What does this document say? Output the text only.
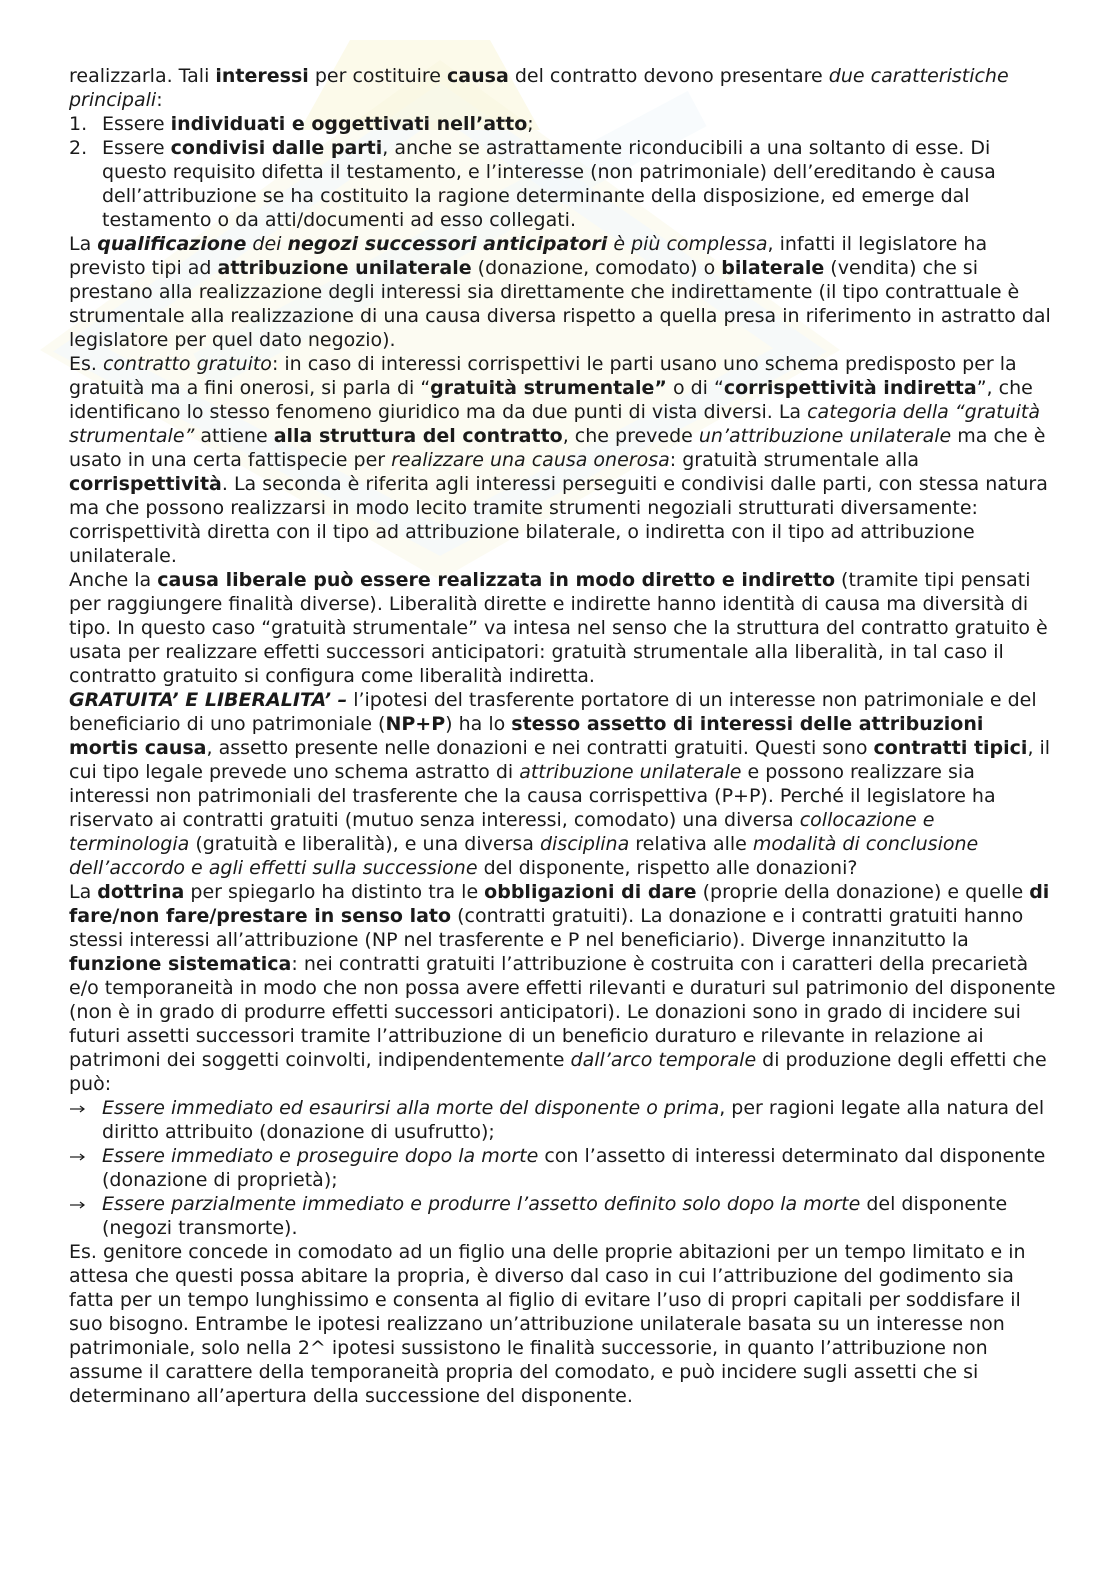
realizzarla. Tali interessi per costituire causa del contratto devono presentare due caratteristiche principali:

1. Essere individuati e oggettivati nell’atto;
2. Essere condivisi dalle parti, anche se astrattamente riconducibili a una soltanto di esse. Di questo requisito difetta il testamento, e l’interesse (non patrimoniale) dell’ereditando è causa dell’attribuzione se ha costituito la ragione determinante della disposizione, ed emerge dal testamento o da atti/documenti ad esso collegati.

La qualificazione dei negozi successori anticipatori è più complessa, infatti il legislatore ha previsto tipi ad attribuzione unilaterale (donazione, comodato) o bilaterale (vendita) che si prestano alla realizzazione degli interessi sia direttamente che indirettamente (il tipo contrattuale è strumentale alla realizzazione di una causa diversa rispetto a quella presa in riferimento in astratto dal legislatore per quel dato negozio).

Es. contratto gratuito: in caso di interessi corrispettivi le parti usano uno schema predisposto per la gratuità ma a fini onerosi, si parla di “gratuità strumentale” o di “corrispettività indiretta”, che identificano lo stesso fenomeno giuridico ma da due punti di vista diversi. La categoria della “gratuità strumentale” attiene alla struttura del contratto, che prevede un’attribuzione unilaterale ma che è usato in una certa fattispecie per realizzare una causa onerosa: gratuità strumentale alla corrispettività. La seconda è riferita agli interessi perseguiti e condivisi dalle parti, con stessa natura ma che possono realizzarsi in modo lecito tramite strumenti negoziali strutturati diversamente: corrispettività diretta con il tipo ad attribuzione bilaterale, o indiretta con il tipo ad attribuzione unilaterale.

Anche la causa liberale può essere realizzata in modo diretto e indiretto (tramite tipi pensati per raggiungere finalità diverse). Liberalità dirette e indirette hanno identità di causa ma diversità di tipo. In questo caso “gratuità strumentale” va intesa nel senso che la struttura del contratto gratuito è usata per realizzare effetti successori anticipatori: gratuità strumentale alla liberalità, in tal caso il contratto gratuito si configura come liberalità indiretta.

GRATUITA’ E LIBERALITA’ – l’ipotesi del trasferente portatore di un interesse non patrimoniale e del beneficiario di uno patrimoniale (NP+P) ha lo stesso assetto di interessi delle attribuzioni mortis causa, assetto presente nelle donazioni e nei contratti gratuiti. Questi sono contratti tipici, il cui tipo legale prevede uno schema astratto di attribuzione unilaterale e possono realizzare sia interessi non patrimoniali del trasferente che la causa corrispettiva (P+P). Perché il legislatore ha riservato ai contratti gratuiti (mutuo senza interessi, comodato) una diversa collocazione e terminologia (gratuità e liberalità), e una diversa disciplina relativa alle modalità di conclusione dell’accordo e agli effetti sulla successione del disponente, rispetto alle donazioni?

La dottrina per spiegarlo ha distinto tra le obbligazioni di dare (proprie della donazione) e quelle di fare/non fare/prestare in senso lato (contratti gratuiti). La donazione e i contratti gratuiti hanno stessi interessi all’attribuzione (NP nel trasferente e P nel beneficiario). Diverge innanzitutto la funzione sistematica: nei contratti gratuiti l’attribuzione è costruita con i caratteri della precarietà e/o temporaneità in modo che non possa avere effetti rilevanti e duraturi sul patrimonio del disponente (non è in grado di produrre effetti successori anticipatori). Le donazioni sono in grado di incidere sui futuri assetti successori tramite l’attribuzione di un beneficio duraturo e rilevante in relazione ai patrimoni dei soggetti coinvolti, indipendentemente dall’arco temporale di produzione degli effetti che può:

Essere immediato ed esaurirsi alla morte del disponente o prima, per ragioni legate alla natura del diritto attribuito (donazione di usufrutto);
Essere immediato e proseguire dopo la morte con l’assetto di interessi determinato dal disponente (donazione di proprietà);
Essere parzialmente immediato e produrre l’assetto definito solo dopo la morte del disponente (negozi transmorte).

Es. genitore concede in comodato ad un figlio una delle proprie abitazioni per un tempo limitato e in attesa che questi possa abitare la propria, è diverso dal caso in cui l’attribuzione del godimento sia fatta per un tempo lunghissimo e consenta al figlio di evitare l’uso di propri capitali per soddisfare il suo bisogno. Entrambe le ipotesi realizzano un’attribuzione unilaterale basata su un interesse non patrimoniale, solo nella 2^ ipotesi sussistono le finalità successorie, in quanto l’attribuzione non assume il carattere della temporaneità propria del comodato, e può incidere sugli assetti che si determinano all’apertura della successione del disponente.
